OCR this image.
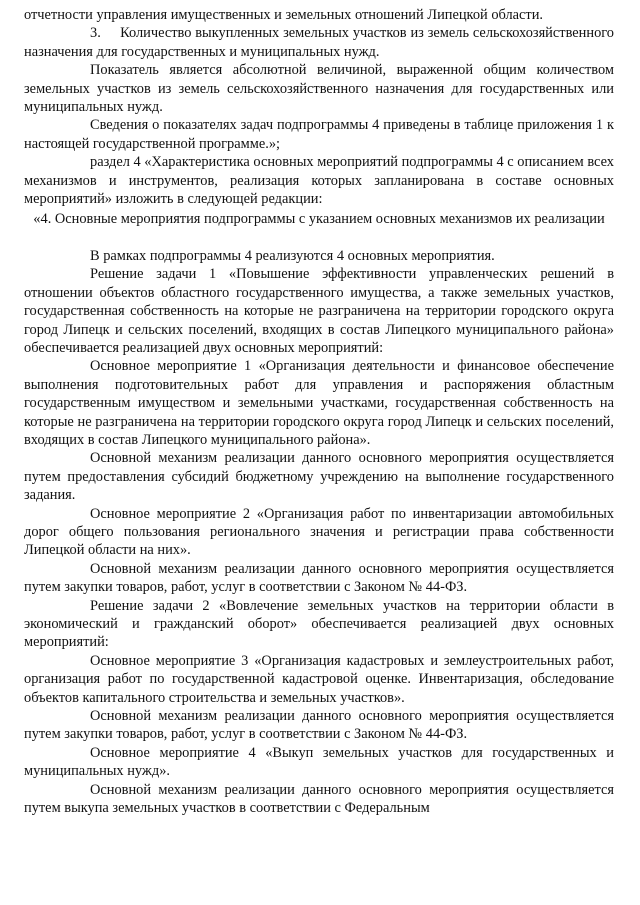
отчетности управления имущественных и земельных отношений Липецкой области.

3.     Количество выкупленных земельных участков из земель сельскохозяйственного назначения для государственных и муниципальных нужд.

Показатель является абсолютной величиной, выраженной общим количеством земельных участков из земель сельскохозяйственного назначения для государственных или муниципальных нужд.

Сведения о показателях задач подпрограммы 4 приведены в таблице приложения 1 к настоящей государственной программе.»;

раздел 4 «Характеристика основных мероприятий подпрограммы 4 с описанием всех механизмов и инструментов, реализация которых запланирована в составе основных мероприятий» изложить в следующей редакции:

«4. Основные мероприятия подпрограммы с указанием основных механизмов их реализации

В рамках подпрограммы 4 реализуются 4 основных мероприятия.

Решение задачи 1 «Повышение эффективности управленческих решений в отношении объектов областного государственного имущества, а также земельных участков, государственная собственность на которые не разграничена на территории городского округа город Липецк и сельских поселений, входящих в состав Липецкого муниципального района» обеспечивается реализацией двух основных мероприятий:

Основное мероприятие 1 «Организация деятельности и финансовое обеспечение выполнения подготовительных работ для управления и распоряжения областным государственным имуществом и земельными участками, государственная собственность на которые не разграничена на территории городского округа город Липецк и сельских поселений, входящих в состав Липецкого муниципального района».

Основной механизм реализации данного основного мероприятия осуществляется путем предоставления субсидий бюджетному учреждению на выполнение государственного задания.

Основное мероприятие 2 «Организация работ по инвентаризации автомобильных дорог общего пользования регионального значения и регистрации права собственности Липецкой области на них».

Основной механизм реализации данного основного мероприятия осуществляется путем закупки товаров, работ, услуг в соответствии с Законом № 44-ФЗ.

Решение задачи 2 «Вовлечение земельных участков на территории области в экономический и гражданский оборот» обеспечивается реализацией двух основных мероприятий:

Основное мероприятие 3 «Организация кадастровых и землеустроительных работ, организация работ по государственной кадастровой оценке. Инвентаризация, обследование объектов капитального строительства и земельных участков».

Основной механизм реализации данного основного мероприятия осуществляется путем закупки товаров, работ, услуг в соответствии с Законом № 44-ФЗ.

Основное мероприятие 4 «Выкуп земельных участков для государственных и муниципальных нужд».

Основной механизм реализации данного основного мероприятия осуществляется путем выкупа земельных участков в соответствии с Федеральным
